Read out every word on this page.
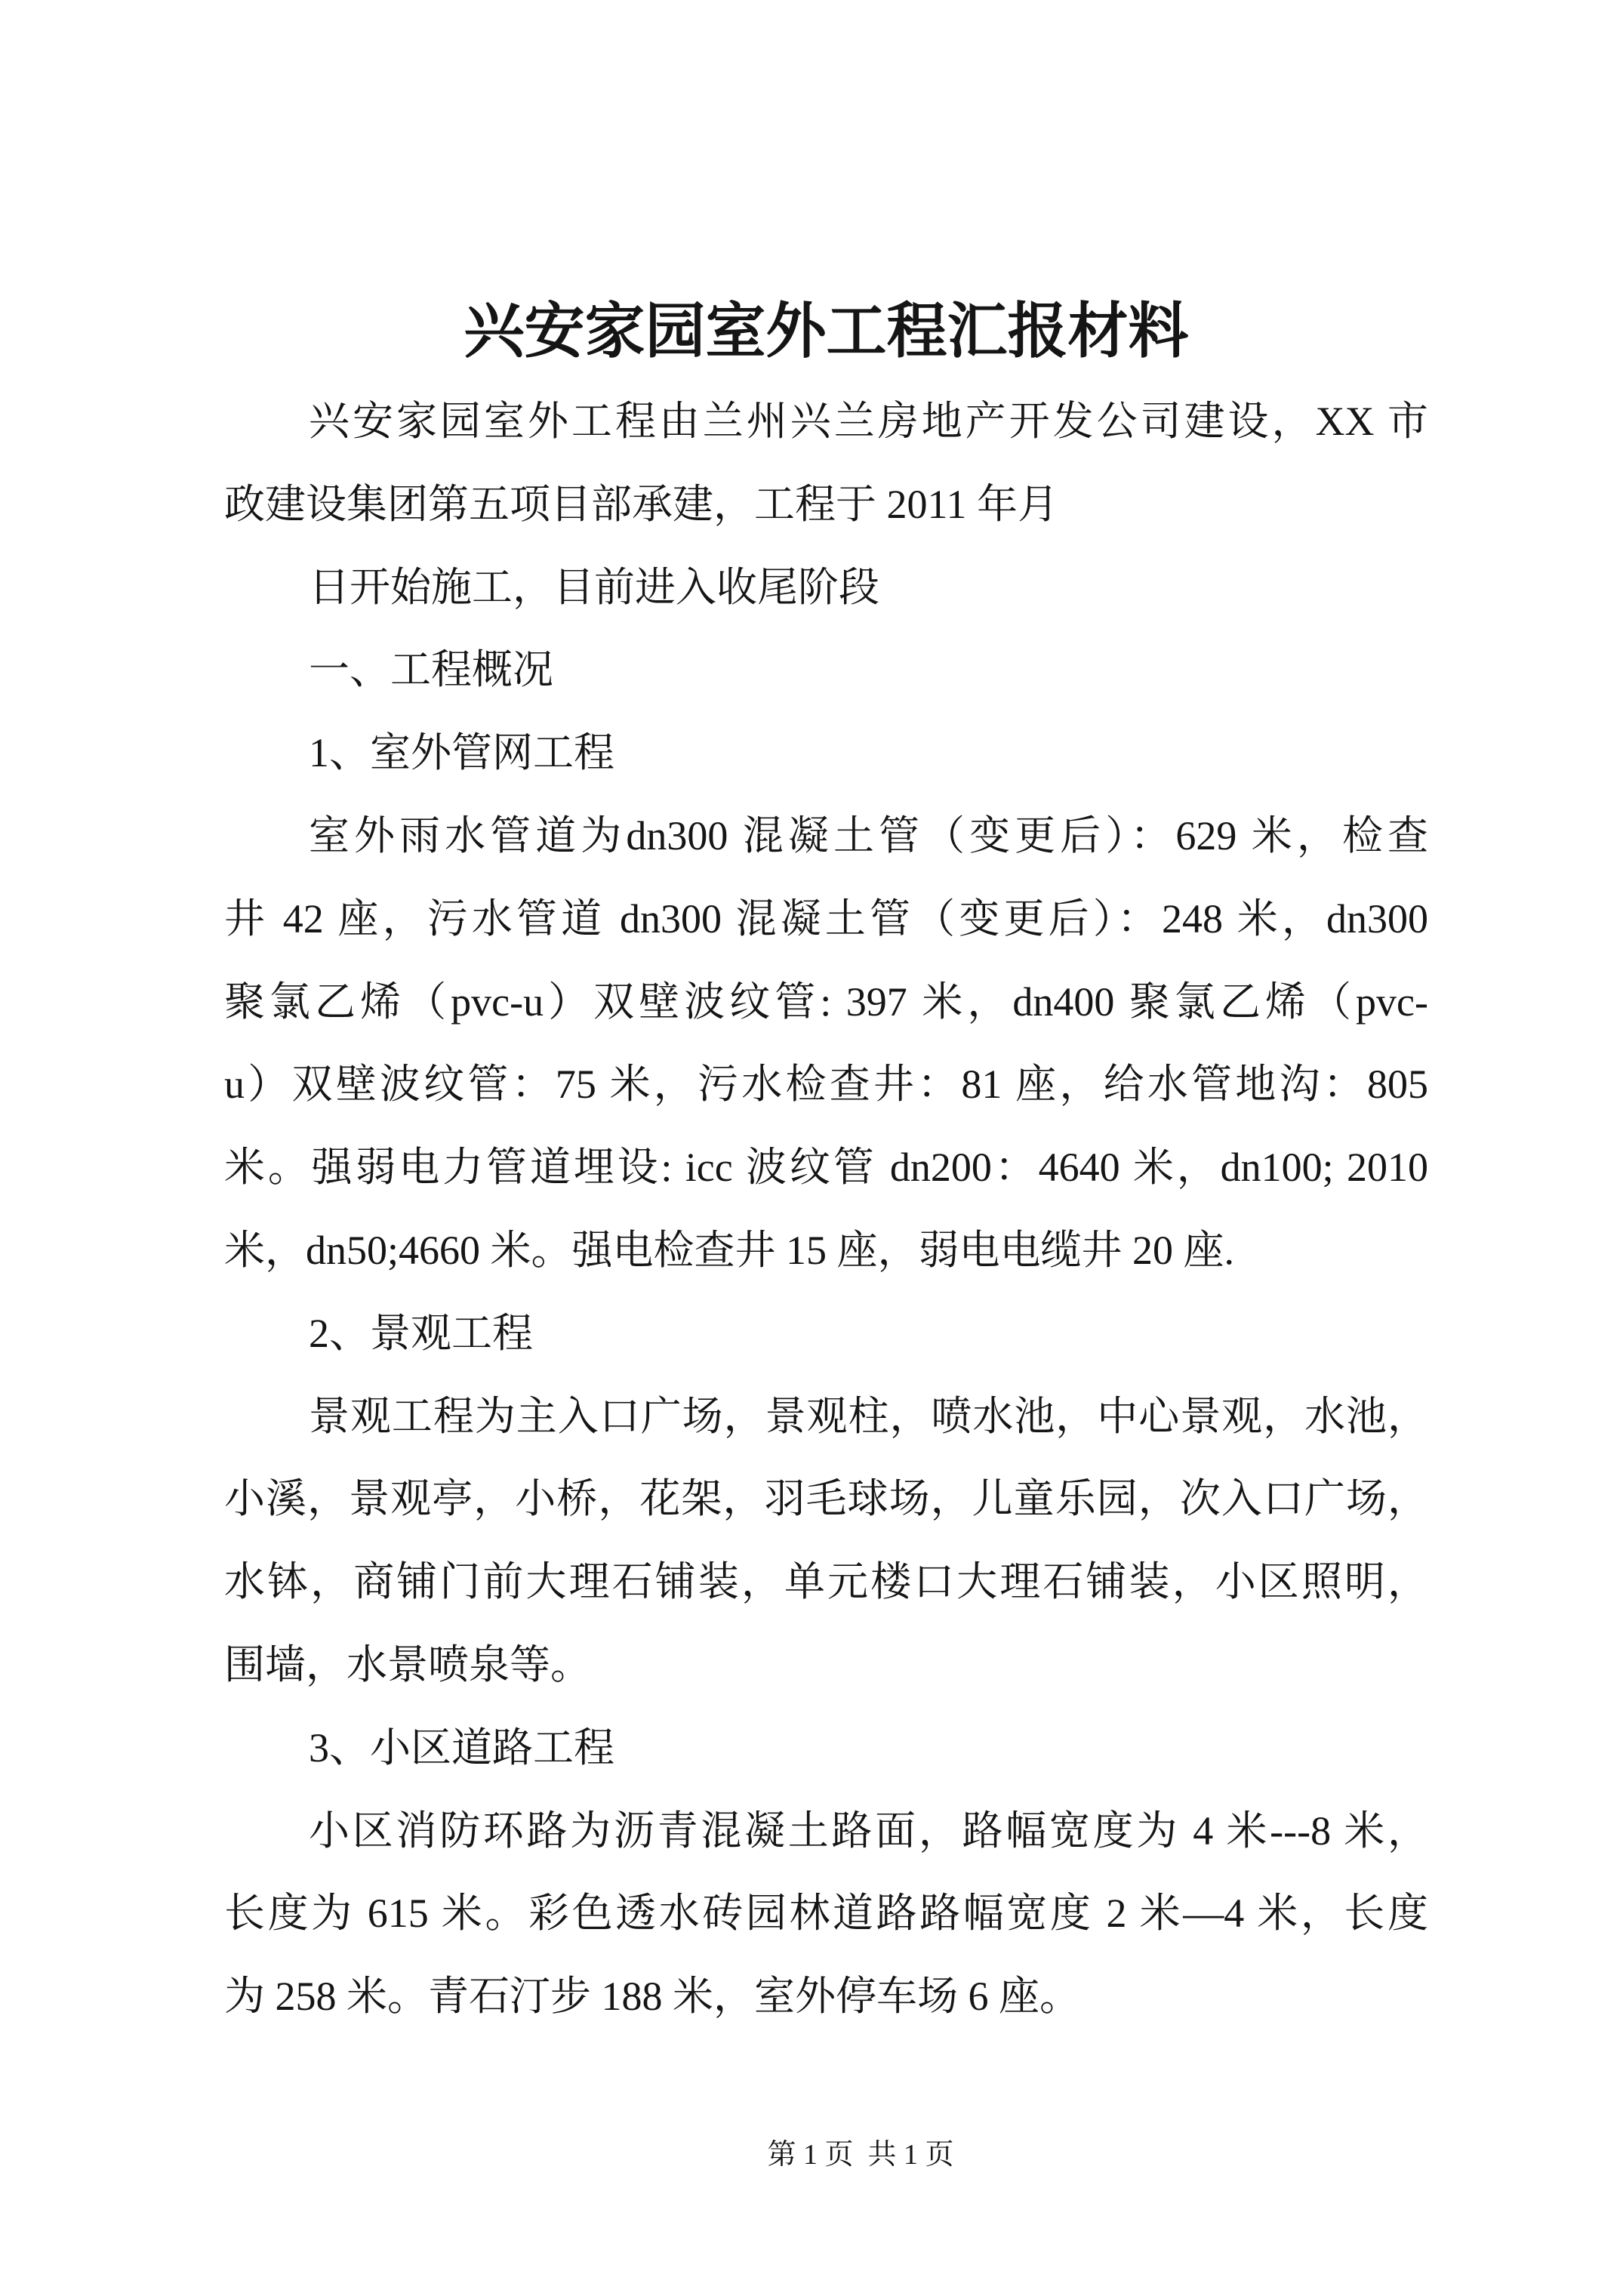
兴安家园室外工程汇报材料
兴安家园室外工程由兰州兴兰房地产开发公司建设，XX 市
政建设集团第五项目部承建，工程于 2011 年月
日开始施工，目前进入收尾阶段
一、工程概况
1、室外管网工程
室外雨水管道为dn300 混凝土管（变更后）：629 米，检查
井 42 座，污水管道 dn300 混凝土管（变更后）：248 米，dn300
聚氯乙烯（pvc-u）双壁波纹管: 397 米，dn400 聚氯乙烯（pvc-
u）双壁波纹管：75 米，污水检查井：81 座，给水管地沟：805
米。强弱电力管道埋设: icc 波纹管 dn200：4640 米，dn100; 2010
米，dn50;4660 米。强电检查井 15 座，弱电电缆井 20 座.
2、景观工程
景观工程为主入口广场，景观柱，喷水池，中心景观，水池，
小溪，景观亭，小桥，花架，羽毛球场，儿童乐园，次入口广场，
水钵，商铺门前大理石铺装，单元楼口大理石铺装，小区照明，
围墙，水景喷泉等。
3、小区道路工程
小区消防环路为沥青混凝土路面，路幅宽度为 4 米---8 米，
长度为 615 米。彩色透水砖园林道路路幅宽度 2 米—4 米，长度
为 258 米。青石汀步 188 米，室外停车场 6 座。
第 1 页  共 1 页
